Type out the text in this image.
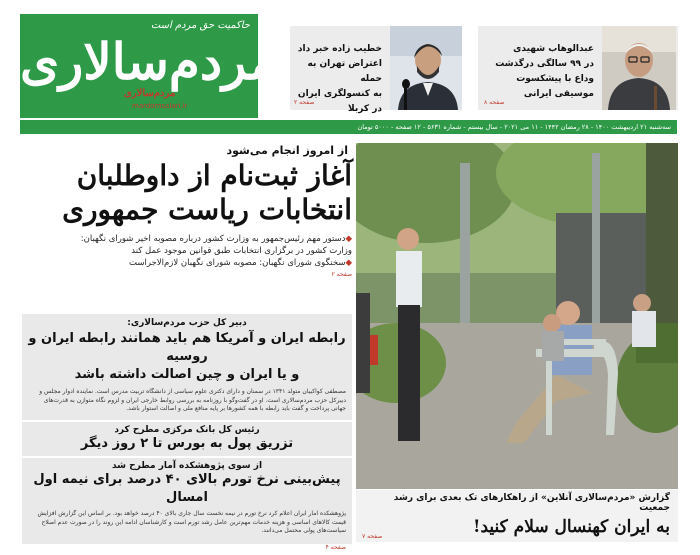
حاکمیت حق مردم است
مردم‌سالاری
مردم‌سالاری
mardomsalari.ir
خطیب زاده خبر داد
اعتراض تهران به حمله
به کنسولگری ایران در کربلا
صفحه ۲
عبدالوهاب شهیدی
در ۹۹ سالگی درگذشت
وداع با پیشکسوت موسیقی ایرانی
صفحه ۸
سه‌شنبه ۲۱ اردیبهشت ۱۴۰۰ - ۲۸ رمضان ۱۴۴۲ - ۱۱ می ۲۰۲۱ - سال بیستم - شماره ۵۶۳۱ - ۱۲ صفحه - ۵۰۰۰ تومان
از امروز انجام می‌شود
آغاز ثبت‌نام از داوطلبان
انتخابات ریاست جمهوری
◆دستور مهم رئیس‌جمهور به وزارت کشور درباره مصوبه اخیر شورای نگهبان:
وزارت کشور در برگزاری انتخابات طبق قوانین موجود عمل کند
◆سخنگوی شورای نگهبان: مصوبه شورای نگهبان لازم‌الاجراست
صفحه ۲
دبیر کل حزب مردم‌سالاری:
رابطه ایران و آمریکا هم باید همانند رابطه ایران و روسیه
و یا ایران و چین اصالت داشته باشد
مصطفی کواکبیان متولد ۱۳۴۱ در سمنان و دارای دکتری علوم سیاسی از دانشگاه تربیت مدرس است. نماینده ادوار مجلس و دبیرکل حزب مردم‌سالاری است. او در گفت‌وگو با روزنامه به بررسی روابط خارجی ایران و لزوم نگاه متوازن به قدرت‌های جهانی پرداخت و گفت باید رابطه با همه کشورها بر پایه منافع ملی و اصالت استوار باشد.
رئیس کل بانک مرکزی مطرح کرد
تزریق پول به بورس تا ۲ روز دیگر
از سوی پژوهشکده آمار مطرح شد
پیش‌بینی نرخ تورم بالای ۴۰ درصد برای نیمه اول امسال
پژوهشکده آمار ایران اعلام کرد نرخ تورم در نیمه نخست سال جاری بالای ۴۰ درصد خواهد بود. بر اساس این گزارش افزایش قیمت کالاهای اساسی و هزینه خدمات مهم‌ترین عامل رشد تورم است و کارشناسان ادامه این روند را در صورت عدم اصلاح سیاست‌های پولی محتمل می‌دانند.
صفحه ۴
گزارش «مردم‌سالاری آنلاین» از راهکارهای تک بعدی برای رشد جمعیت
به ایران کهنسال سلام کنید!
صفحه ۷
